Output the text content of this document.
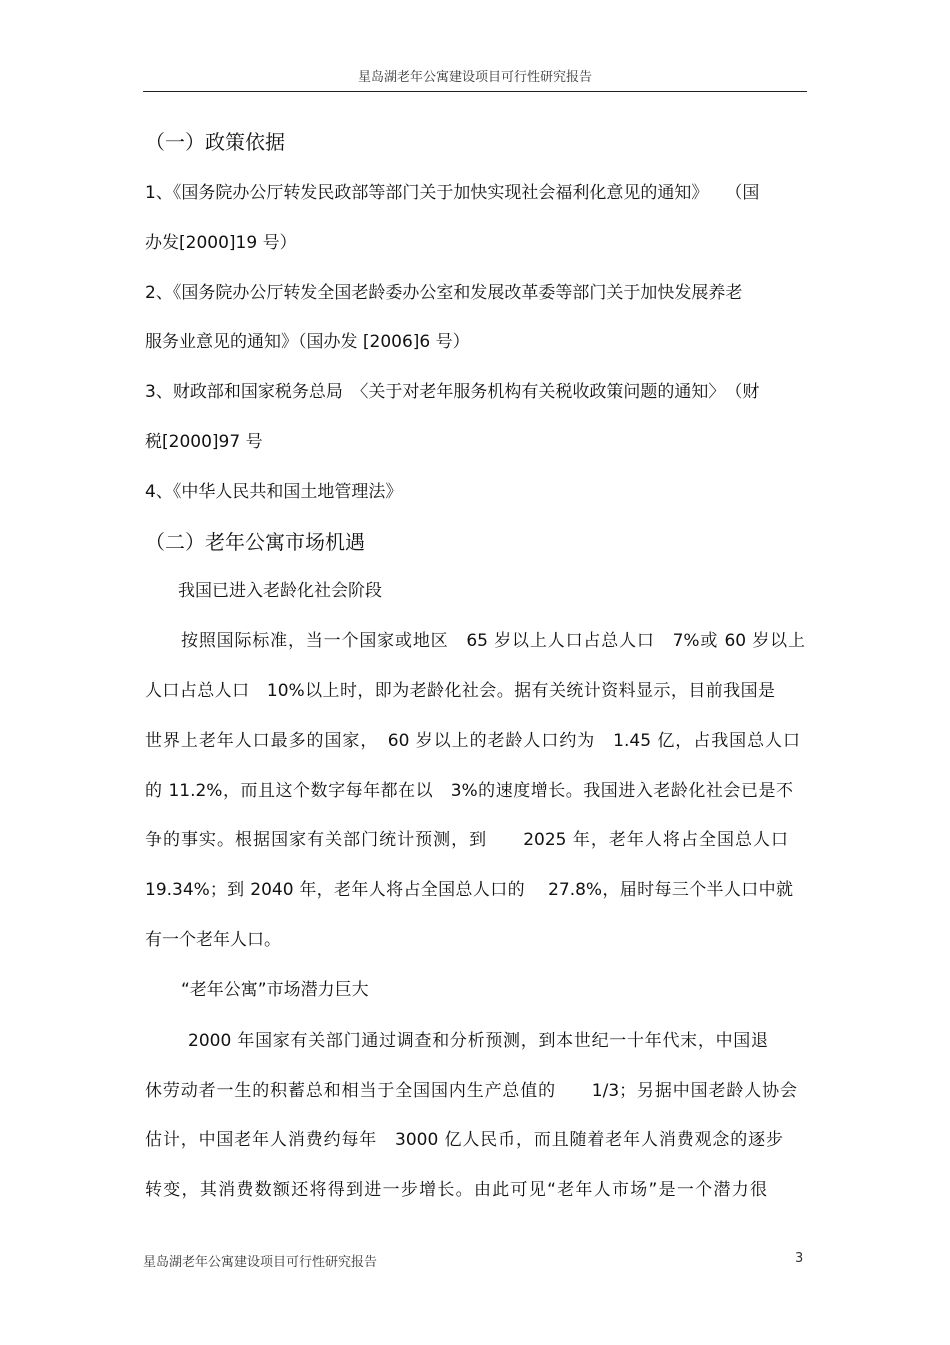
星岛湖老年公寓建设项目可行性研究报告
（一）政策依据
1、《国务院办公厅转发民政部等部门关于加快实现社会福利化意见的通知》　　（国
办发[2000]19 号）
2、《国务院办公厅转发全国老龄委办公室和发展改革委等部门关于加快发展养老
服务业意见的通知》（国办发 [2006]6 号）
3、财政部和国家税务总局　〈关于对老年服务机构有关税收政策问题的通知〉　（财
税[2000]97 号
4、《中华人民共和国土地管理法》
（二）老年公寓市场机遇
我国已进入老龄化社会阶段
按照国际标准，当一个国家或地区　65 岁以上人口占总人口　7%或 60 岁以上
人口占总人口　10%以上时，即为老龄化社会。据有关统计资料显示，目前我国是
世界上老年人口最多的国家，　60 岁以上的老龄人口约为　1.45 亿，占我国总人口
的 11.2%，而且这个数字每年都在以　3%的速度增长。我国进入老龄化社会已是不
争的事实。根据国家有关部门统计预测，到　　2025 年，老年人将占全国总人口
19.34%；到 2040 年，老年人将占全国总人口的　 27.8%，届时每三个半人口中就
有一个老年人口。
“老年公寓”市场潜力巨大
2000 年国家有关部门通过调查和分析预测，到本世纪一十年代末，中国退
休劳动者一生的积蓄总和相当于全国国内生产总值的　　1/3；另据中国老龄人协会
估计，中国老年人消费约每年　3000 亿人民币，而且随着老年人消费观念的逐步
转变，其消费数额还将得到进一步增长。由此可见“老年人市场”是一个潜力很
星岛湖老年公寓建设项目可行性研究报告	3
